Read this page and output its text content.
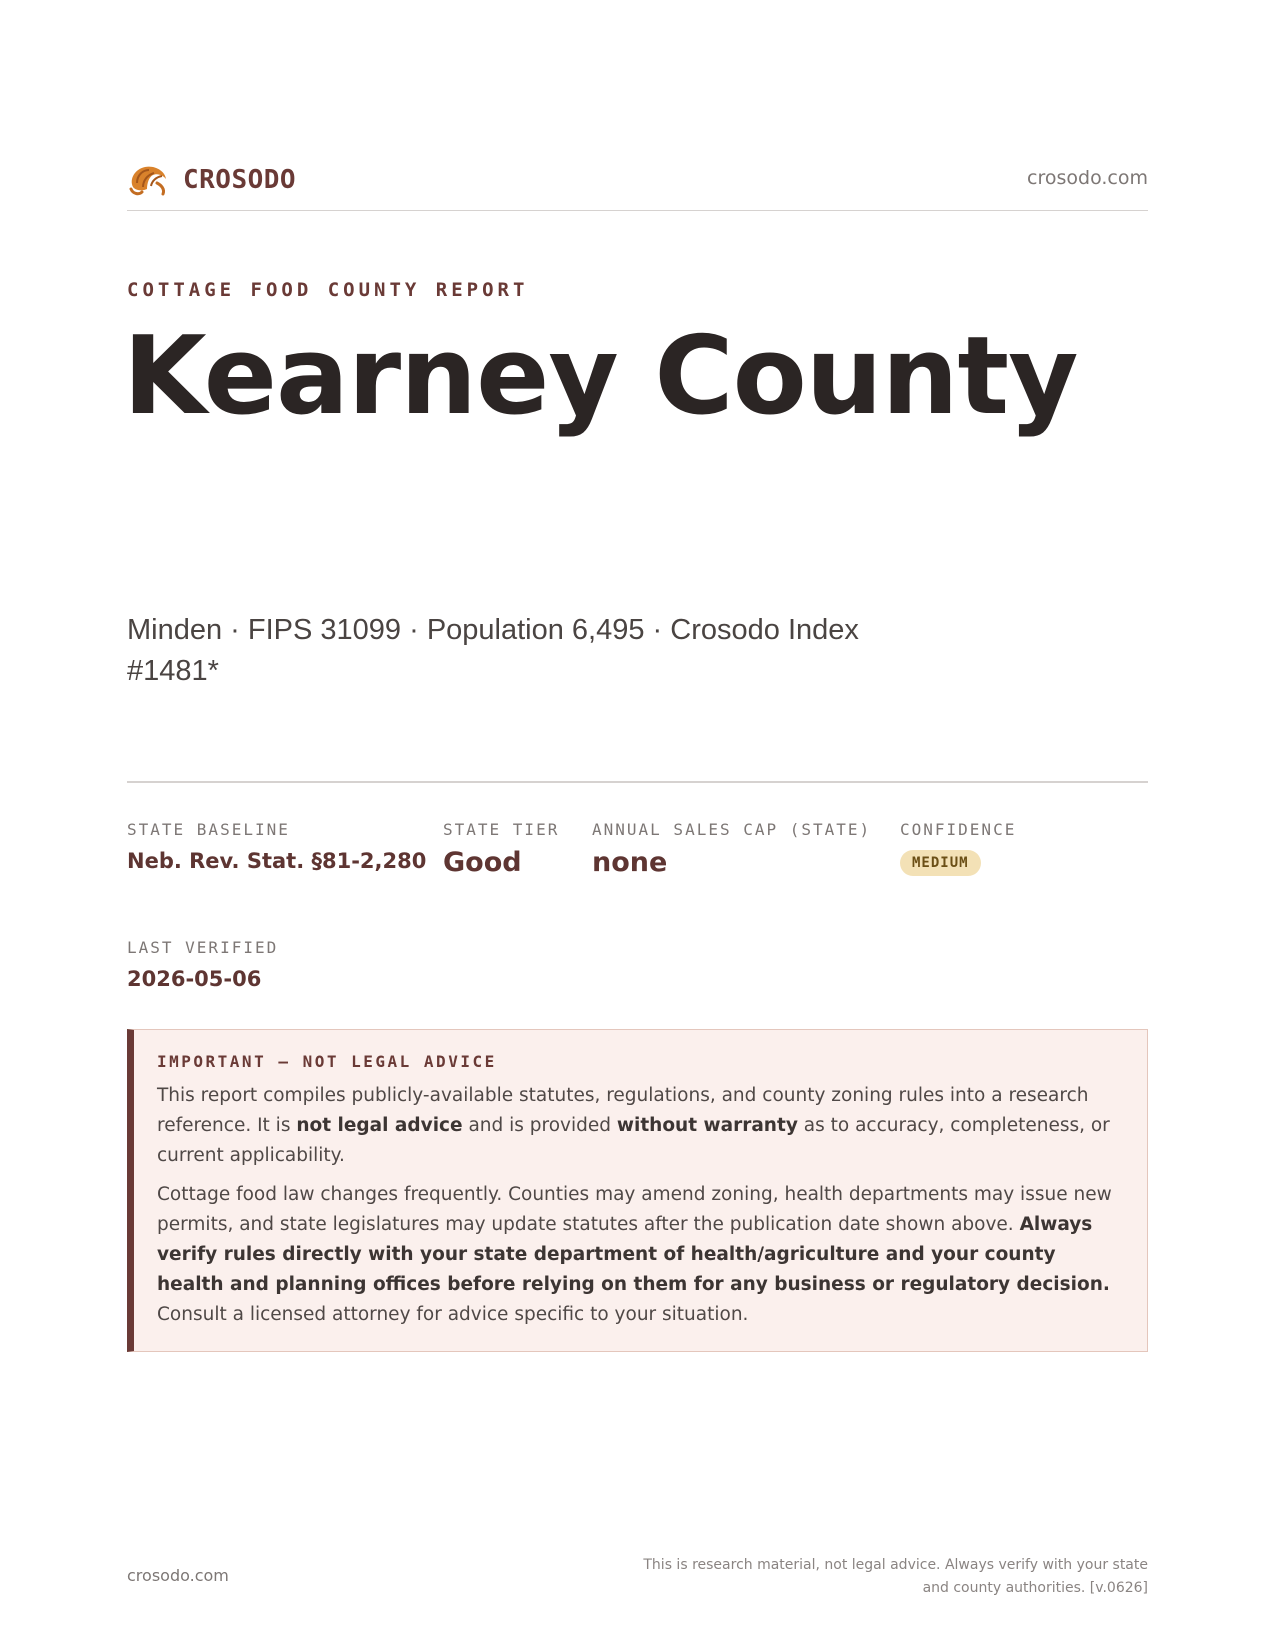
CROSODO	crosodo.com
COTTAGE FOOD COUNTY REPORT
Kearney County
Minden · FIPS 31099 · Population 6,495 · Crosodo Index #1481*
STATE BASELINE
Neb. Rev. Stat. §81-2,280
STATE TIER
Good
ANNUAL SALES CAP (STATE)
none
CONFIDENCE
MEDIUM
LAST VERIFIED
2026-05-06
IMPORTANT — NOT LEGAL ADVICE

This report compiles publicly-available statutes, regulations, and county zoning rules into a research reference. It is not legal advice and is provided without warranty as to accuracy, completeness, or current applicability.

Cottage food law changes frequently. Counties may amend zoning, health departments may issue new permits, and state legislatures may update statutes after the publication date shown above. Always verify rules directly with your state department of health/agriculture and your county health and planning offices before relying on them for any business or regulatory decision. Consult a licensed attorney for advice specific to your situation.

crosodo.com
This is research material, not legal advice. Always verify with your state and county authorities. [v.0626]
